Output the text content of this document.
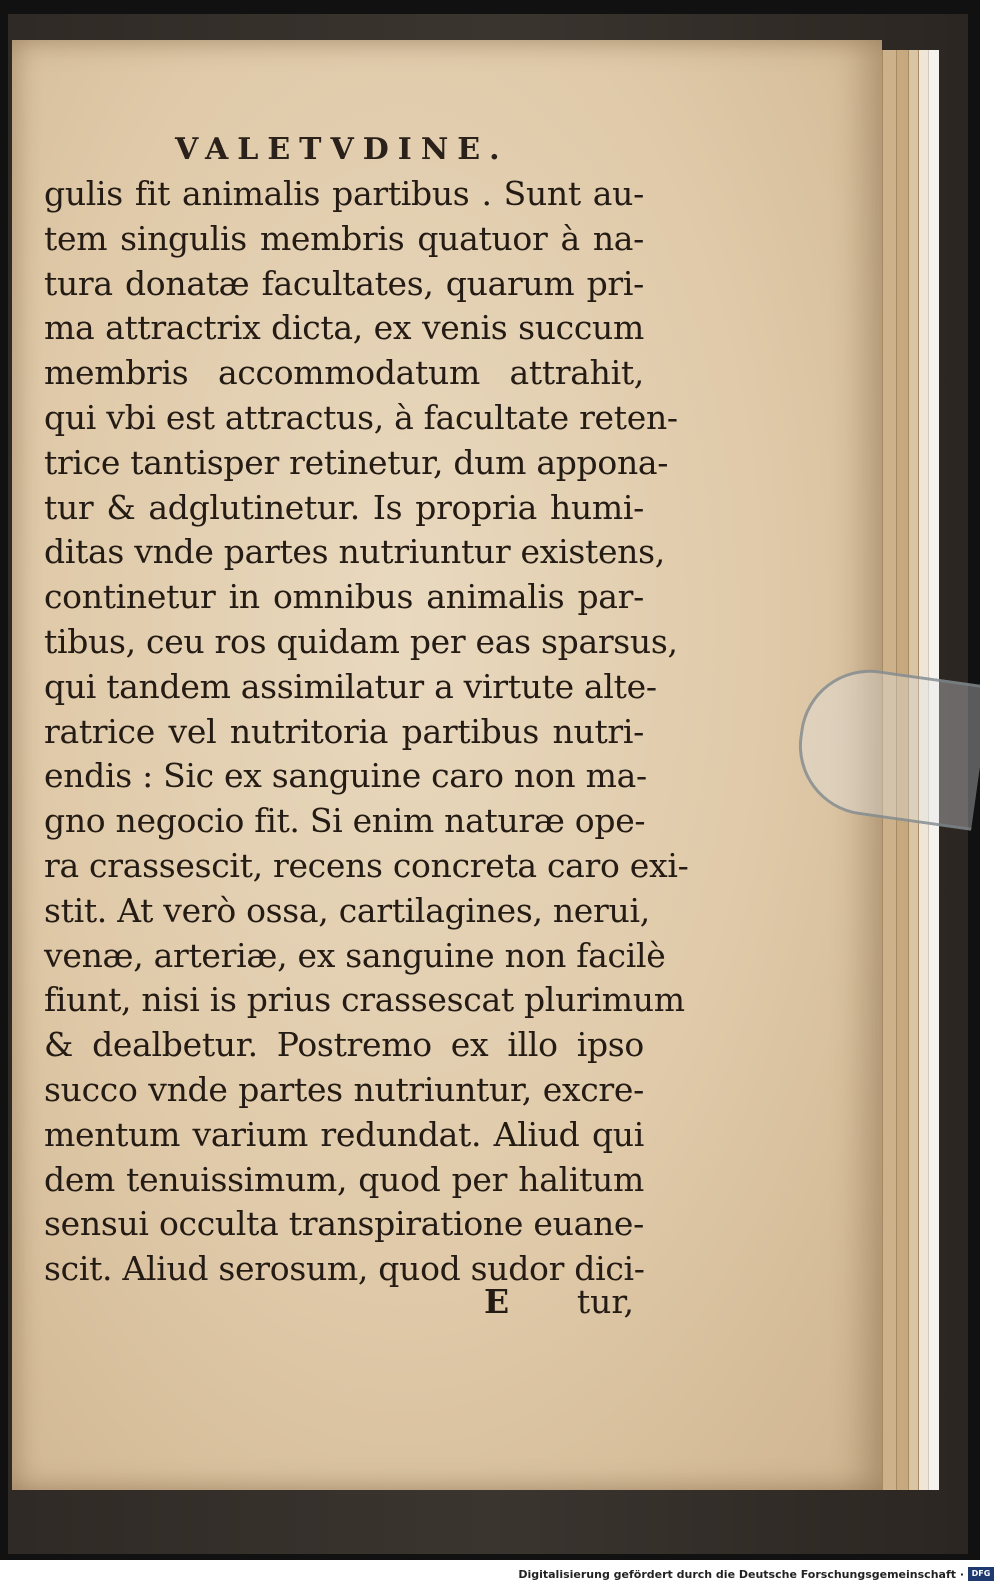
VALETVDINE.
gulis fit animalis partibus . Sunt au-
tem singulis membris quatuor à na-
tura donatæ facultates, quarum pri-
ma attractrix dicta, ex venis succum
membris accommodatum attrahit,
qui vbi est attractus, à facultate reten-
trice tantisper retinetur, dum appona-
tur & adglutinetur. Is propria humi-
ditas vnde partes nutriuntur existens,
continetur in omnibus animalis par-
tibus, ceu ros quidam per eas sparsus,
qui tandem assimilatur a virtute alte-
ratrice vel nutritoria partibus nutri-
endis : Sic ex sanguine caro non ma-
gno negocio fit. Si enim naturæ ope-
ra crassescit, recens concreta caro exi-
stit. At verò ossa, cartilagines, nerui,
venæ, arteriæ, ex sanguine non facilè
fiunt, nisi is prius crassescat plurimum
& dealbetur. Postremo ex illo ipso
succo vnde partes nutriuntur, excre-
mentum varium redundat. Aliud qui
dem tenuissimum, quod per halitum
sensui occulta transpiratione euane-
scit. Aliud serosum, quod sudor dici-
E tur,
Digitalisierung gefördert durch die Deutsche Forschungsgemeinschaft · DFG
